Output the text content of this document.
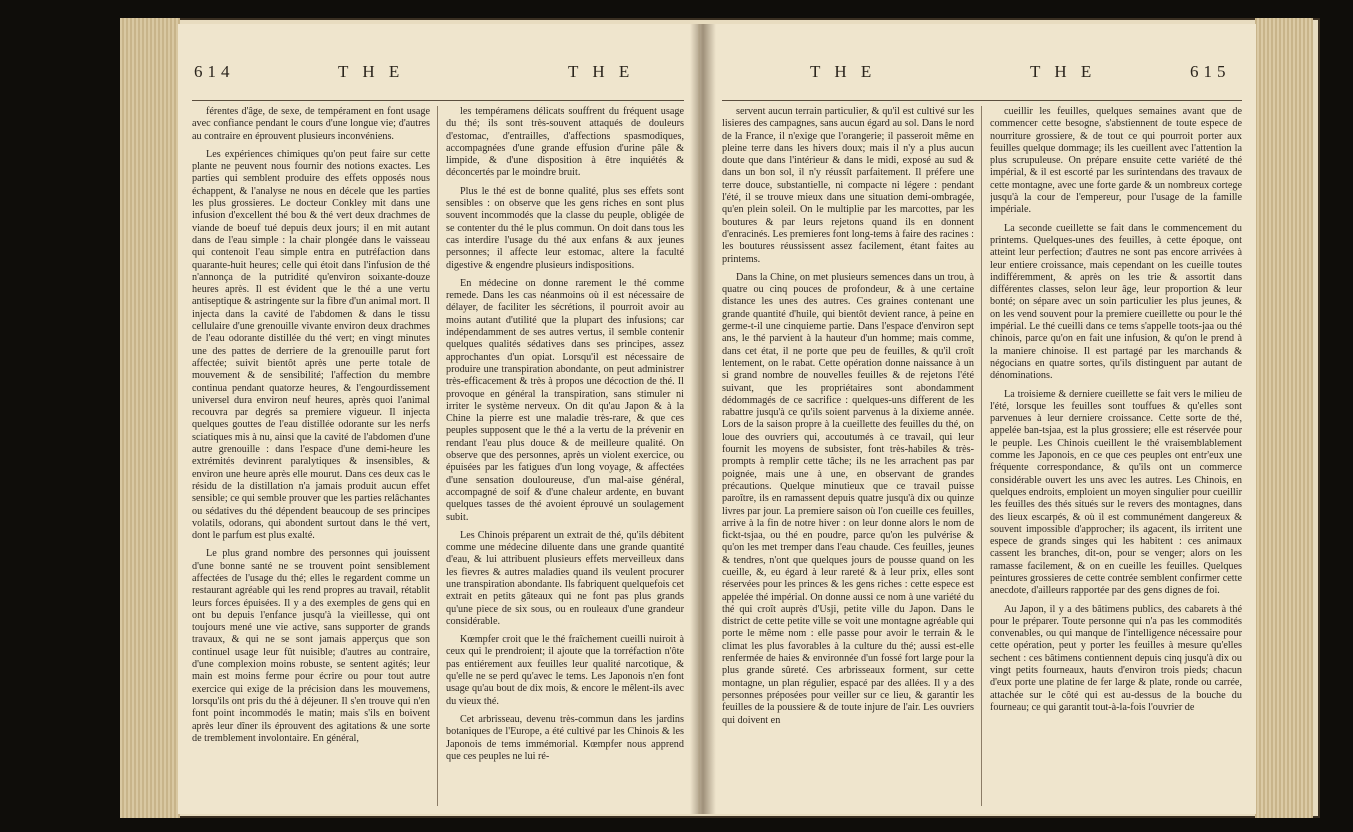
614	T H E	T H E

férentes d'âge, de sexe, de tempérament en font usage avec confiance pendant le cours d'une longue vie; d'autres au contraire en éprouvent plusieurs inconvéniens.

Les expériences chimiques qu'on peut faire sur cette plante ne peuvent nous fournir des notions exactes. Les parties qui semblent produire des effets opposés nous échappent, & l'analyse ne nous en décele que les parties les plus grossieres. Le docteur Conkley mit dans une infusion d'excellent thé bou & thé vert deux drachmes de viande de boeuf tué depuis deux jours; il en mit autant dans de l'eau simple : la chair plongée dans le vaisseau qui contenoit l'eau simple entra en putréfaction dans quarante-huit heures; celle qui étoit dans l'infusion de thé n'annonça de la putridité qu'environ soixante-douze heures après. Il est évident que le thé a une vertu antiseptique & astringente sur la fibre d'un animal mort. Il injecta dans la cavité de l'abdomen & dans le tissu cellulaire d'une grenouille vivante environ deux drachmes de l'eau odorante distillée du thé vert; en vingt minutes une des pattes de derriere de la grenouille parut fort affectée; suivit bientôt après une perte totale de mouvement & de sensibilité; l'affection du membre continua pendant quatorze heures, & l'engourdissement universel dura environ neuf heures, après quoi l'animal recouvra par degrés sa premiere vigueur. Il injecta quelques gouttes de l'eau distillée odorante sur les nerfs sciatiques mis à nu, ainsi que la cavité de l'abdomen d'une autre grenouille : dans l'espace d'une demi-heure les extrémités devinrent paralytiques & insensibles, & environ une heure après elle mourut. Dans ces deux cas le résidu de la distillation n'a jamais produit aucun effet sensible; ce qui semble prouver que les parties relâchantes ou sédatives du thé dépendent beaucoup de ses principes volatils, odorans, qui abondent surtout dans le thé vert, dont le parfum est plus exalté.

Le plus grand nombre des personnes qui jouissent d'une bonne santé ne se trouvent point sensiblement affectées de l'usage du thé; elles le regardent comme un restaurant agréable qui les rend propres au travail, rétablit leurs forces épuisées. Il y a des exemples de gens qui en ont bu depuis l'enfance jusqu'à la vieillesse, qui ont toujours mené une vie active, sans supporter de grands travaux, & qui ne se sont jamais apperçus que son continuel usage leur fût nuisible; d'autres au contraire, d'une complexion moins robuste, se sentent agités; leur main est moins ferme pour écrire ou pour tout autre exercice qui exige de la précision dans les mouvemens, lorsqu'ils ont pris du thé à déjeuner. Il s'en trouve qui n'en font point incommodés le matin; mais s'ils en boivent après leur dîner ils éprouvent des agitations & une sorte de tremblement involontaire. En général,

les tempéramens délicats souffrent du fréquent usage du thé; ils sont très-souvent attaqués de douleurs d'estomac, d'entrailles, d'affections spasmodiques, accompagnées d'une grande effusion d'urine pâle & limpide, & d'une disposition à être inquiétés & déconcertés par le moindre bruit.

Plus le thé est de bonne qualité, plus ses effets sont sensibles : on observe que les gens riches en sont plus souvent incommodés que la classe du peuple, obligée de se contenter du thé le plus commun. On doit dans tous les cas interdire l'usage du thé aux enfans & aux jeunes personnes; il affecte leur estomac, altere la faculté digestive & engendre plusieurs indispositions.

En médecine on donne rarement le thé comme remede. Dans les cas néanmoins où il est nécessaire de délayer, de faciliter les sécrétions, il pourroit avoir au moins autant d'utilité que la plupart des infusions; car indépendamment de ses autres vertus, il semble contenir quelques qualités sédatives dans ses principes, assez approchantes d'un opiat. Lorsqu'il est nécessaire de produire une transpiration abondante, on peut administrer très-efficacement & très à propos une décoction de thé. Il provoque en général la transpiration, sans stimuler ni irriter le système nerveux. On dit qu'au Japon & à la Chine la pierre est une maladie très-rare, & que ces peuples supposent que le thé a la vertu de la prévenir en rendant l'eau plus douce & de meilleure qualité. On observe que des personnes, après un violent exercice, ou épuisées par les fatigues d'un long voyage, & affectées d'une sensation douloureuse, d'un mal-aise général, accompagné de soif & d'une chaleur ardente, en buvant quelques tasses de thé avoient éprouvé un soulagement subit.

Les Chinois préparent un extrait de thé, qu'ils débitent comme une médecine diluente dans une grande quantité d'eau, & lui attribuent plusieurs effets merveilleux dans les fievres & autres maladies quand ils veulent procurer une transpiration abondante. Ils fabriquent quelquefois cet extrait en petits gâteaux qui ne font pas plus grands qu'une piece de six sous, ou en rouleaux d'une grandeur considérable.

Kœmpfer croit que le thé fraîchement cueilli nuiroit à ceux qui le prendroient; il ajoute que la torréfaction n'ôte pas entiérement aux feuilles leur qualité narcotique, & qu'elle ne se perd qu'avec le tems. Les Japonois n'en font usage qu'au bout de dix mois, & encore le mêlent-ils avec du vieux thé.

Cet arbrisseau, devenu très-commun dans les jardins botaniques de l'Europe, a été cultivé par les Chinois & les Japonois de tems immémorial. Kœmpfer nous apprend que ces peuples ne lui ré-

T H E	T H E	615

servent aucun terrain particulier, & qu'il est cultivé sur les lisieres des campagnes, sans aucun égard au sol. Dans le nord de la France, il n'exige que l'orangerie; il passeroit même en pleine terre dans les hivers doux; mais il n'y a plus aucun doute que dans l'intérieur & dans le midi, exposé au sud & dans un bon sol, il n'y réussît parfaitement. Il préfere une terre douce, substantielle, ni compacte ni légere : pendant l'été, il se trouve mieux dans une situation demi-ombragée, qu'en plein soleil. On le multiplie par les marcottes, par les boutures & par leurs rejetons quand ils en donnent d'enracinés. Les premieres font long-tems à faire des racines : les boutures réussissent assez facilement, étant faites au printems.

Dans la Chine, on met plusieurs semences dans un trou, à quatre ou cinq pouces de profondeur, & à une certaine distance les unes des autres. Ces graines contenant une grande quantité d'huile, qui bientôt devient rance, à peine en germe-t-il une cinquieme partie. Dans l'espace d'environ sept ans, le thé parvient à la hauteur d'un homme; mais comme, dans cet état, il ne porte que peu de feuilles, & qu'il croît lentement, on le rabat. Cette opération donne naissance à un si grand nombre de nouvelles feuilles & de rejetons l'été suivant, que les propriétaires sont abondamment dédommagés de ce sacrifice : quelques-uns different de les rabattre jusqu'à ce qu'ils soient parvenus à la dixieme année. Lors de la saison propre à la cueillette des feuilles du thé, on loue des ouvriers qui, accoutumés à ce travail, qui leur fournit les moyens de subsister, font très-habiles & très-prompts à remplir cette tâche; ils ne les arrachent pas par poignée, mais une à une, en observant de grandes précautions. Quelque minutieux que ce travail puisse paroître, ils en ramassent depuis quatre jusqu'à dix ou quinze livres par jour. La premiere saison où l'on cueille ces feuilles, arrive à la fin de notre hiver : on leur donne alors le nom de fickt-tsjaa, ou thé en poudre, parce qu'on les pulvérise & qu'on les met tremper dans l'eau chaude. Ces feuilles, jeunes & tendres, n'ont que quelques jours de pousse quand on les cueille, &, eu égard à leur rareté & à leur prix, elles sont réservées pour les princes & les gens riches : cette espece est appelée thé impérial. On donne aussi ce nom à une variété du thé qui croît auprès d'Usji, petite ville du Japon. Dans le district de cette petite ville se voit une montagne agréable qui porte le même nom : elle passe pour avoir le terrain & le climat les plus favorables à la culture du thé; aussi est-elle renfermée de haies & environnée d'un fossé fort large pour la plus grande sûreté. Ces arbrisseaux forment, sur cette montagne, un plan régulier, espacé par des allées. Il y a des personnes préposées pour veiller sur ce lieu, & garantir les feuilles de la poussiere & de toute injure de l'air. Les ouvriers qui doivent en

cueillir les feuilles, quelques semaines avant que de commencer cette besogne, s'abstiennent de toute espece de nourriture grossiere, & de tout ce qui pourroit porter aux feuilles quelque dommage; ils les cueillent avec l'attention la plus scrupuleuse. On prépare ensuite cette variété de thé impérial, & il est escorté par les surintendans des travaux de cette montagne, avec une forte garde & un nombreux cortege jusqu'à la cour de l'empereur, pour l'usage de la famille impériale.

La seconde cueillette se fait dans le commencement du printems. Quelques-unes des feuilles, à cette époque, ont atteint leur perfection; d'autres ne sont pas encore arrivées à leur entiere croissance, mais cependant on les cueille toutes indifféremment, & après on les trie & assortit dans différentes classes, selon leur âge, leur proportion & leur bonté; on sépare avec un soin particulier les plus jeunes, & on les vend souvent pour la premiere cueillette ou pour le thé impérial. Le thé cueilli dans ce tems s'appelle toots-jaa ou thé chinois, parce qu'on en fait une infusion, & qu'on le prend à la maniere chinoise. Il est partagé par les marchands & négocians en quatre sortes, qu'ils distinguent par autant de dénominations.

La troisieme & derniere cueillette se fait vers le milieu de l'été, lorsque les feuilles sont touffues & qu'elles sont parvenues à leur derniere croissance. Cette sorte de thé, appelée ban-tsjaa, est la plus grossiere; elle est réservée pour le peuple. Les Chinois cueillent le thé vraisemblablement comme les Japonois, en ce que ces peuples ont entr'eux une fréquente correspondance, & qu'ils ont un commerce considérable ouvert les uns avec les autres. Les Chinois, en quelques endroits, emploient un moyen singulier pour cueillir les feuilles des thés situés sur le revers des montagnes, dans des lieux escarpés, & où il est communément dangereux & souvent impossible d'approcher; ils agacent, ils irritent une espece de grands singes qui les habitent : ces animaux cassent les branches, dit-on, pour se venger; alors on les ramasse facilement, & on en cueille les feuilles. Quelques peintures grossieres de cette contrée semblent confirmer cette anecdote, d'ailleurs rapportée par des gens dignes de foi.

Au Japon, il y a des bâtimens publics, des cabarets à thé pour le préparer. Toute personne qui n'a pas les commodités convenables, ou qui manque de l'intelligence nécessaire pour cette opération, peut y porter les feuilles à mesure qu'elles sechent : ces bâtimens contiennent depuis cinq jusqu'à dix ou vingt petits fourneaux, hauts d'environ trois pieds; chacun d'eux porte une platine de fer large & plate, ronde ou carrée, attachée sur le côté qui est au-dessus de la bouche du fourneau; ce qui garantit tout-à-la-fois l'ouvrier de
